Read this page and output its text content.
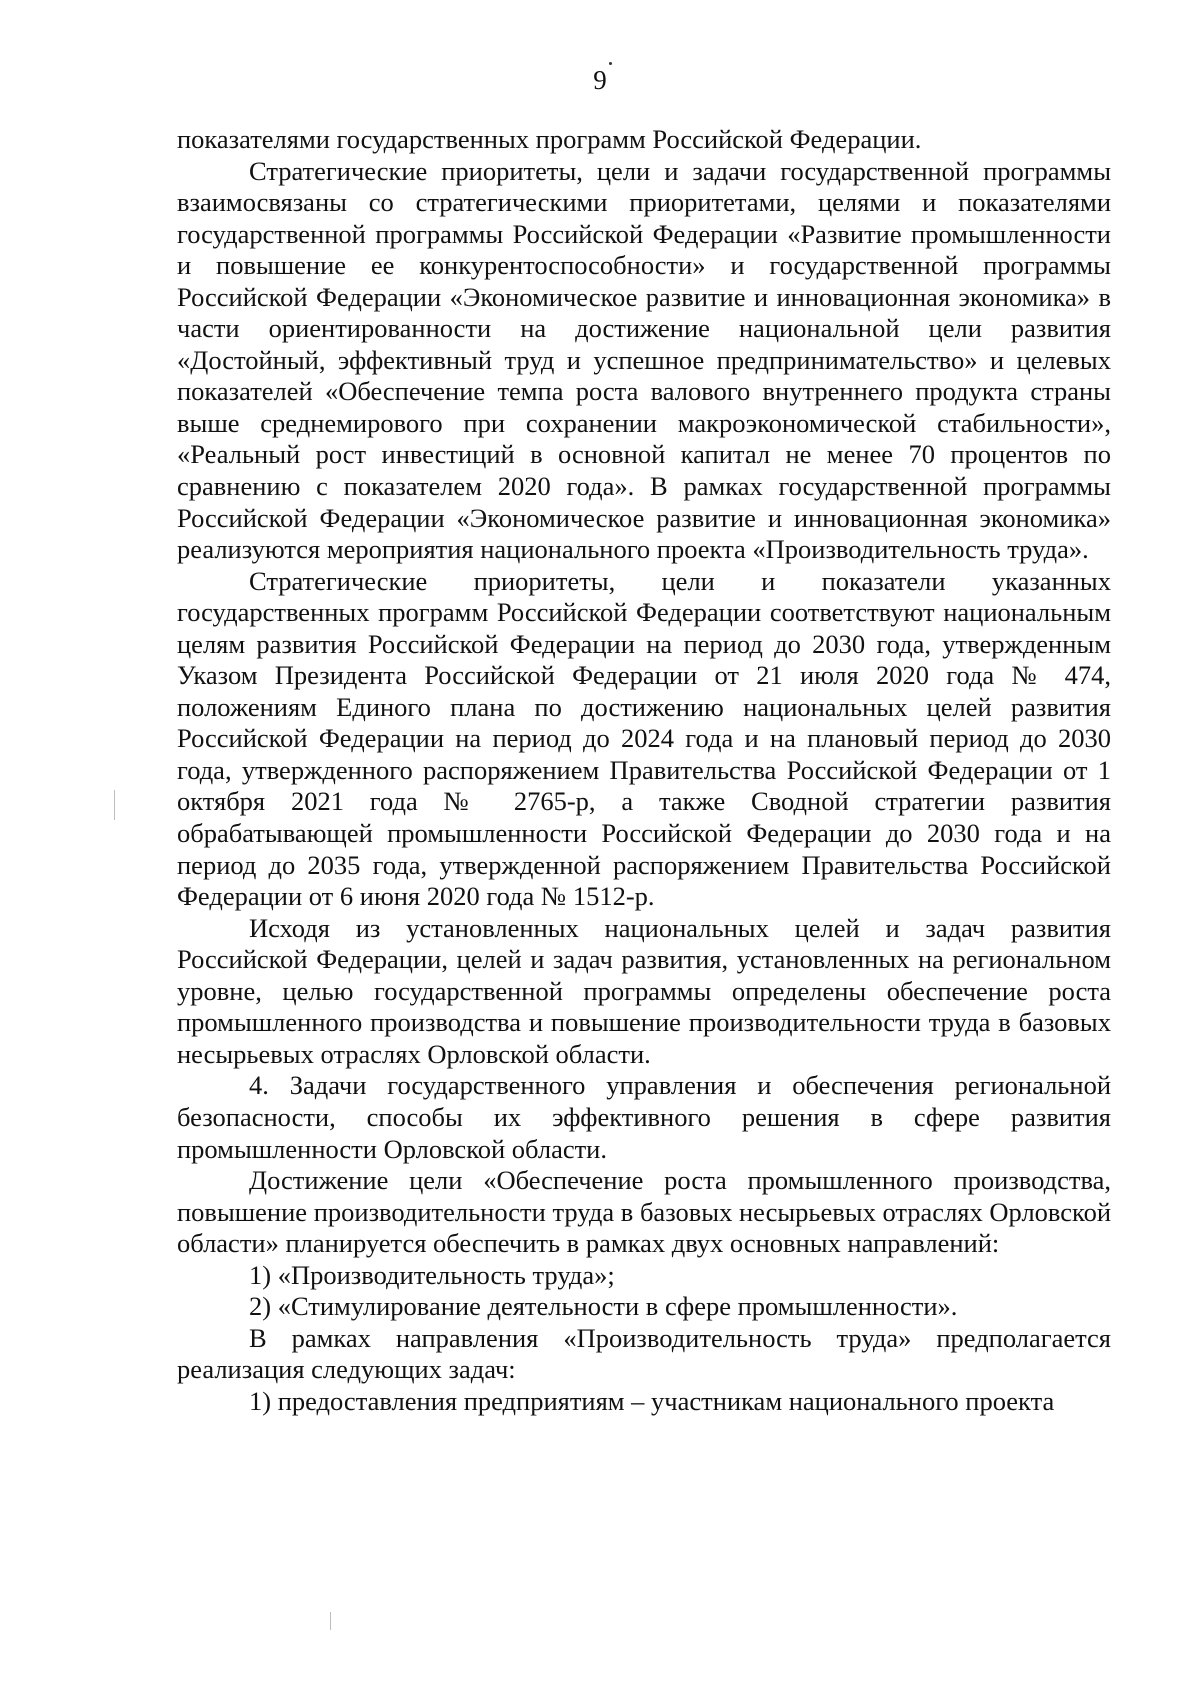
9

показателями государственных программ Российской Федерации.

Стратегические приоритеты, цели и задачи государственной программы взаимосвязаны со стратегическими приоритетами, целями и показателями государственной программы Российской Федерации «Развитие промышленности и повышение ее конкурентоспособности» и государственной программы Российской Федерации «Экономическое развитие и инновационная экономика» в части ориентированности на достижение национальной цели развития «Достойный, эффективный труд и успешное предпринимательство» и целевых показателей «Обеспечение темпа роста валового внутреннего продукта страны выше среднемирового при сохранении макроэкономической стабильности», «Реальный рост инвестиций в основной капитал не менее 70 процентов по сравнению с показателем 2020 года». В рамках государственной программы Российской Федерации «Экономическое развитие и инновационная экономика» реализуются мероприятия национального проекта «Производительность труда».

Стратегические приоритеты, цели и показатели указанных государственных программ Российской Федерации соответствуют национальным целям развития Российской Федерации на период до 2030 года, утвержденным Указом Президента Российской Федерации от 21 июля 2020 года № 474, положениям Единого плана по достижению национальных целей развития Российской Федерации на период до 2024 года и на плановый период до 2030 года, утвержденного распоряжением Правительства Российской Федерации от 1 октября 2021 года № 2765-р, а также Сводной стратегии развития обрабатывающей промышленности Российской Федерации до 2030 года и на период до 2035 года, утвержденной распоряжением Правительства Российской Федерации от 6 июня 2020 года № 1512-р.

Исходя из установленных национальных целей и задач развития Российской Федерации, целей и задач развития, установленных на региональном уровне, целью государственной программы определены обеспечение роста промышленного производства и повышение производительности труда в базовых несырьевых отраслях Орловской области.

4. Задачи государственного управления и обеспечения региональной безопасности, способы их эффективного решения в сфере развития промышленности Орловской области.

Достижение цели «Обеспечение роста промышленного производства, повышение производительности труда в базовых несырьевых отраслях Орловской области» планируется обеспечить в рамках двух основных направлений:

1) «Производительность труда»;

2) «Стимулирование деятельности в сфере промышленности».

В рамках направления «Производительность труда» предполагается реализация следующих задач:

1) предоставления предприятиям – участникам национального проекта
